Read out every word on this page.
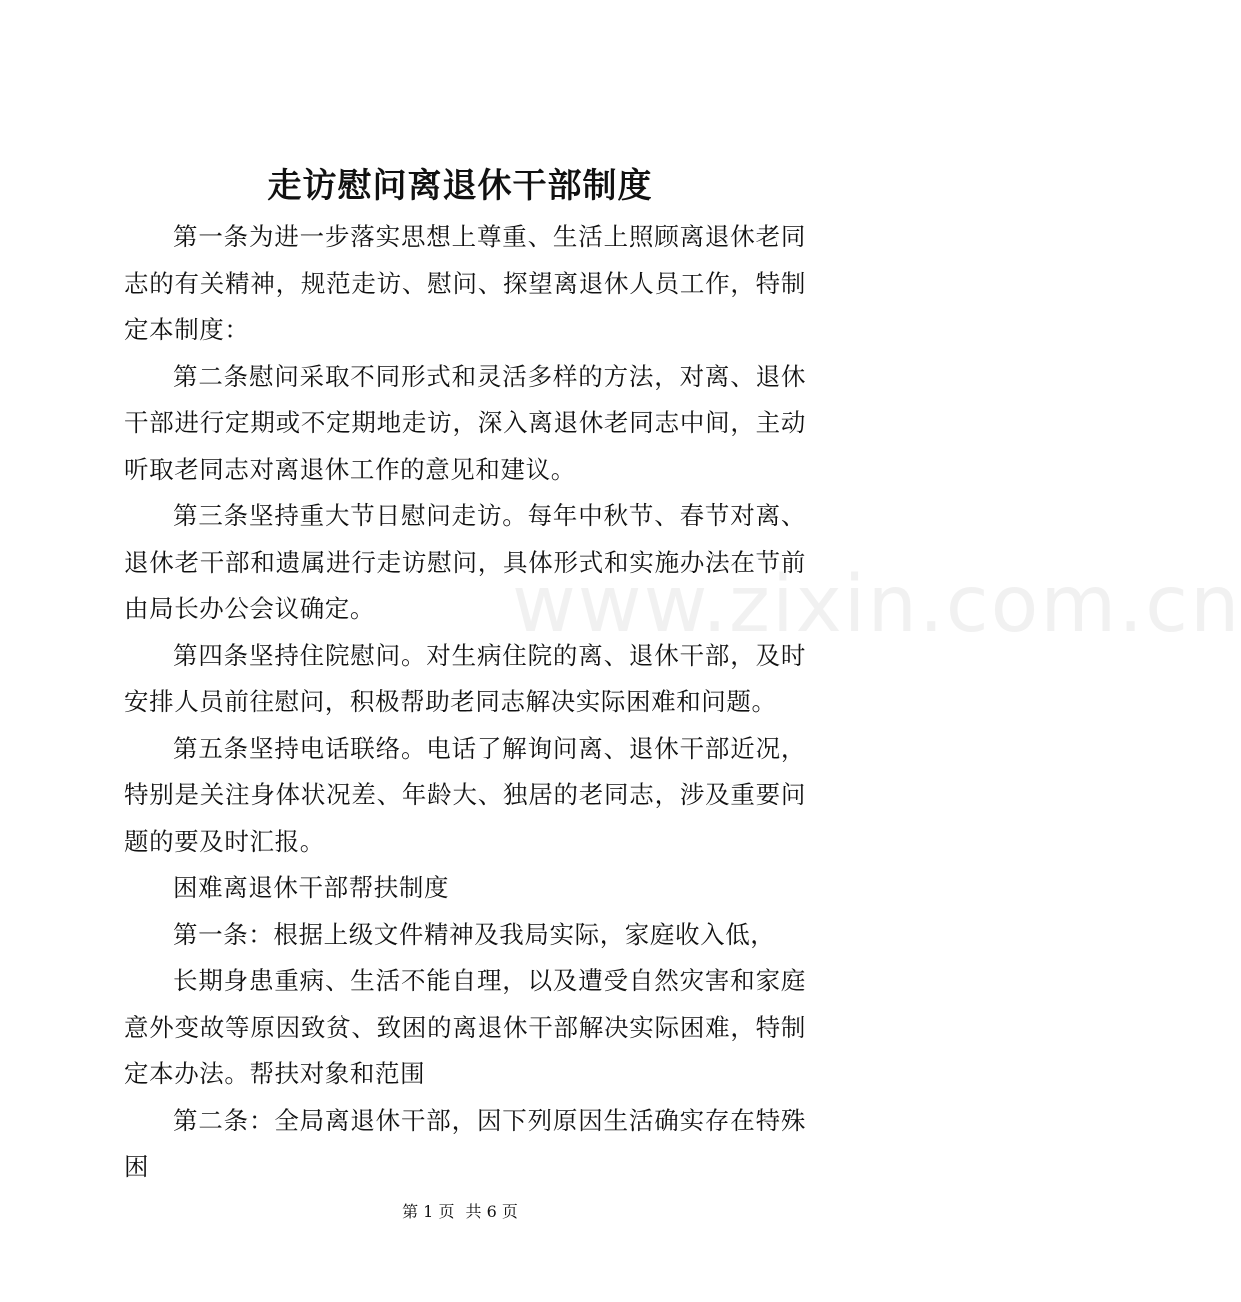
走访慰问离退休干部制度

第一条为进一步落实思想上尊重、生活上照顾离退休老同志的有关精神，规范走访、慰问、探望离退休人员工作，特制定本制度：

第二条慰问采取不同形式和灵活多样的方法，对离、退休干部进行定期或不定期地走访，深入离退休老同志中间，主动听取老同志对离退休工作的意见和建议。

第三条坚持重大节日慰问走访。每年中秋节、春节对离、退休老干部和遗属进行走访慰问，具体形式和实施办法在节前由局长办公会议确定。

第四条坚持住院慰问。对生病住院的离、退休干部，及时安排人员前往慰问，积极帮助老同志解决实际困难和问题。

第五条坚持电话联络。电话了解询问离、退休干部近况，特别是关注身体状况差、年龄大、独居的老同志，涉及重要问题的要及时汇报。

困难离退休干部帮扶制度

第一条：根据上级文件精神及我局实际，家庭收入低，

长期身患重病、生活不能自理，以及遭受自然灾害和家庭意外变故等原因致贫、致困的离退休干部解决实际困难，特制定本办法。帮扶对象和范围

第二条：全局离退休干部，因下列原因生活确实存在特殊困

www.zixin.com.cn
第 1 页 共 6 页
